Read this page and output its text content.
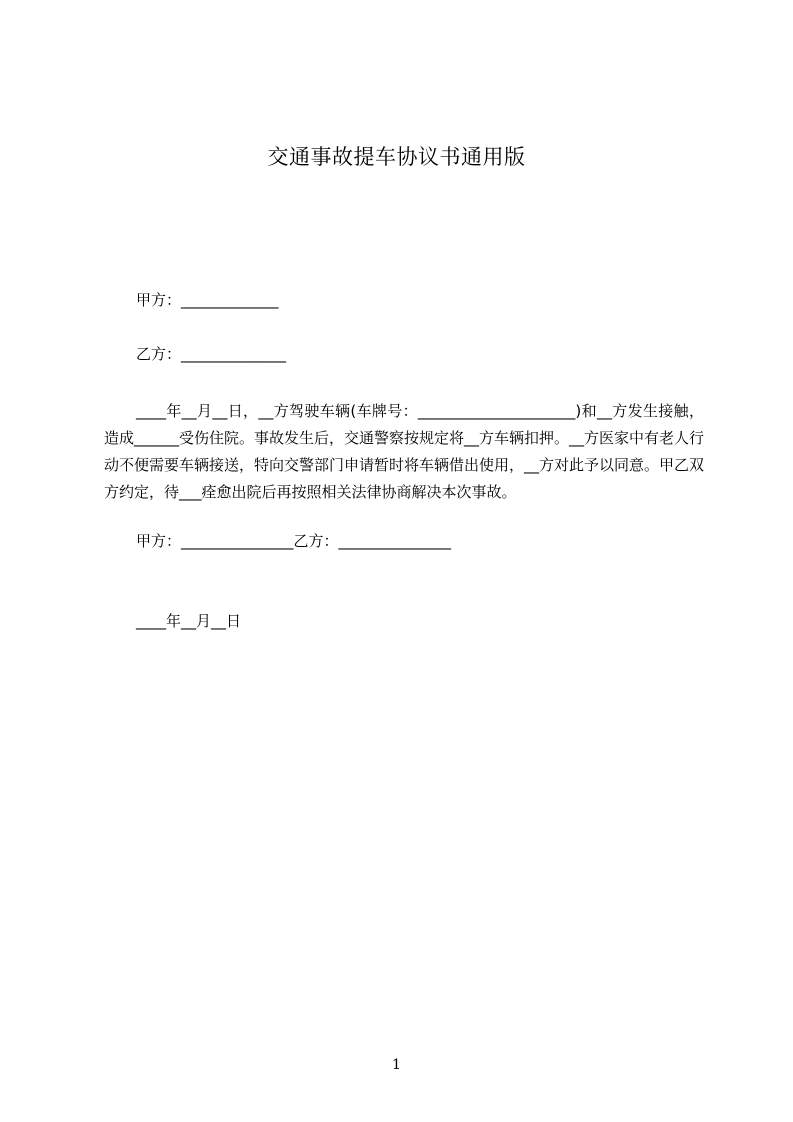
交通事故提车协议书通用版
甲方：_____________
乙方：______________
____年__月__日，__方驾驶车辆(车牌号：_____________________)和__方发生接触，造成______受伤住院。事故发生后，交通警察按规定将__方车辆扣押。__方医家中有老人行动不便需要车辆接送，特向交警部门申请暂时将车辆借出使用，__方对此予以同意。甲乙双方约定，待___痊愈出院后再按照相关法律协商解决本次事故。
甲方：_______________乙方：_______________
____年__月__日
1
